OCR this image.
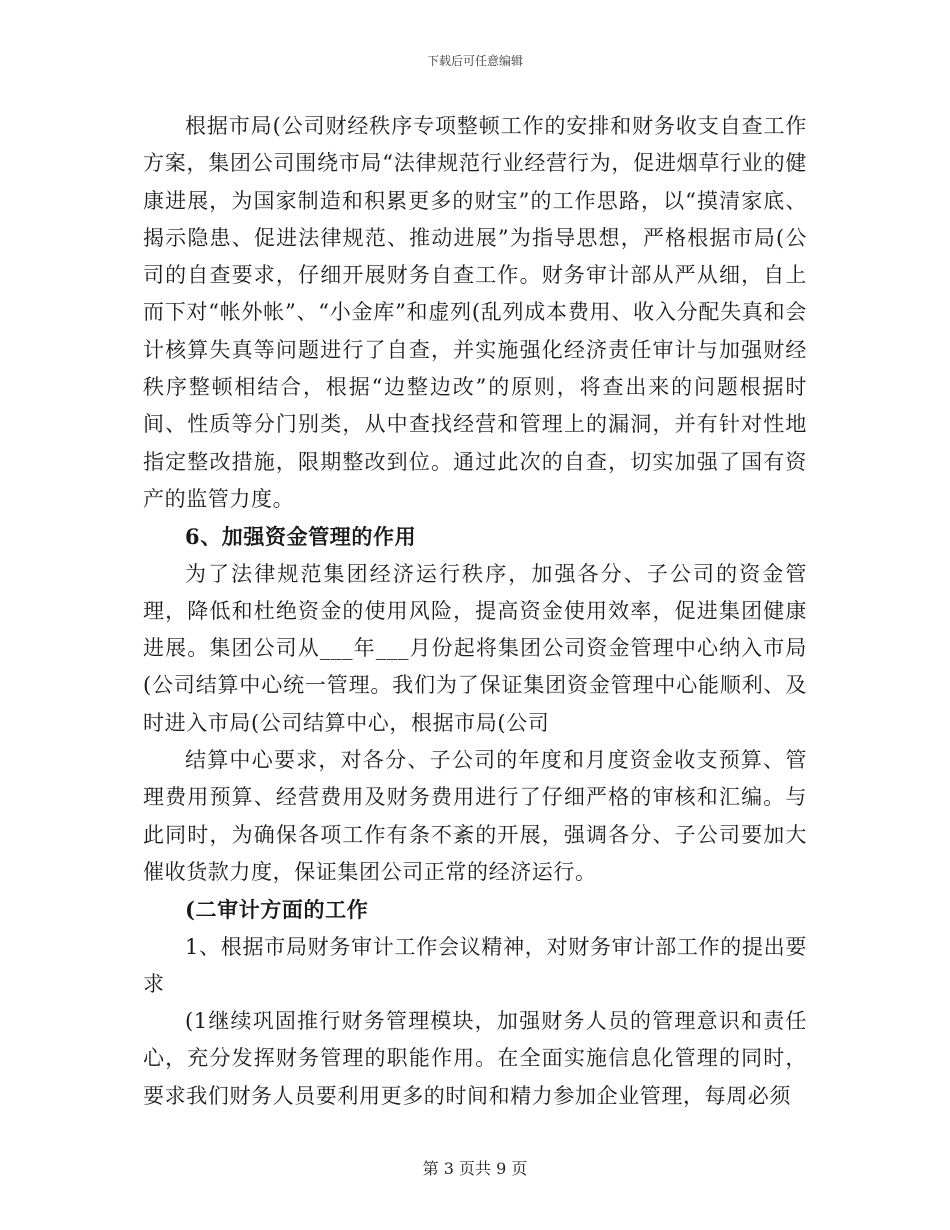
下载后可任意编辑

根据市局(公司财经秩序专项整顿工作的安排和财务收支自查工作方案，集团公司围绕市局“法律规范行业经营行为，促进烟草行业的健康进展，为国家制造和积累更多的财宝”的工作思路，以“摸清家底、揭示隐患、促进法律规范、推动进展”为指导思想，严格根据市局(公司的自查要求，仔细开展财务自查工作。财务审计部从严从细，自上而下对“帐外帐”、“小金库”和虚列(乱列成本费用、收入分配失真和会计核算失真等问题进行了自查，并实施强化经济责任审计与加强财经秩序整顿相结合，根据“边整边改”的原则，将查出来的问题根据时间、性质等分门别类，从中查找经营和管理上的漏洞，并有针对性地指定整改措施，限期整改到位。通过此次的自查，切实加强了国有资产的监管力度。

6、加强资金管理的作用

为了法律规范集团经济运行秩序，加强各分、子公司的资金管理，降低和杜绝资金的使用风险，提高资金使用效率，促进集团健康进展。集团公司从___年___月份起将集团公司资金管理中心纳入市局(公司结算中心统一管理。我们为了保证集团资金管理中心能顺利、及时进入市局(公司结算中心，根据市局(公司

结算中心要求，对各分、子公司的年度和月度资金收支预算、管理费用预算、经营费用及财务费用进行了仔细严格的审核和汇编。与此同时，为确保各项工作有条不紊的开展，强调各分、子公司要加大催收货款力度，保证集团公司正常的经济运行。

(二审计方面的工作

1、根据市局财务审计工作会议精神，对财务审计部工作的提出要求

(1继续巩固推行财务管理模块，加强财务人员的管理意识和责任心，充分发挥财务管理的职能作用。在全面实施信息化管理的同时，要求我们财务人员要利用更多的时间和精力参加企业管理，每周必须

第 3 页共 9 页
